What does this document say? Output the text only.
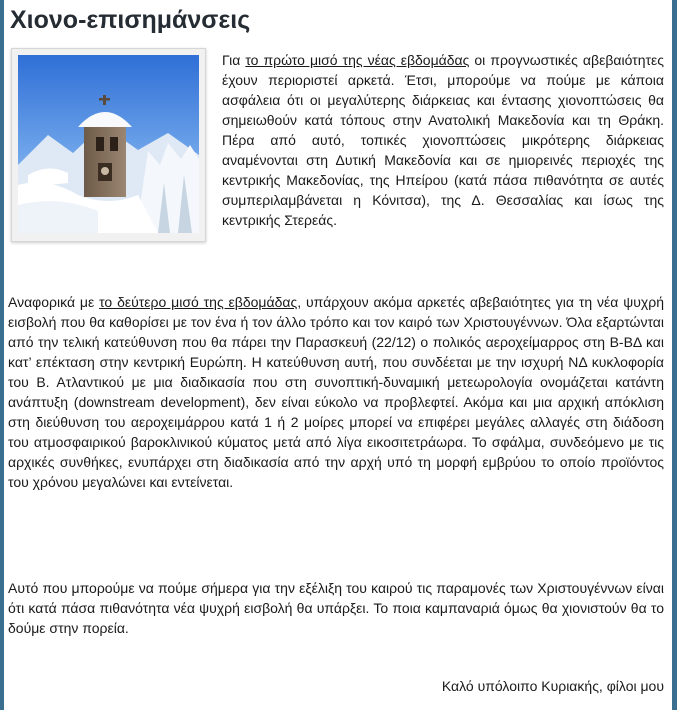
Χιονο-επισημάνσεις

Για το πρώτο μισό της νέας εβδομάδας οι προγνωστικές αβεβαιότητες έχουν περιοριστεί αρκετά. Έτσι, μπορούμε να πούμε με κάποια ασφάλεια ότι οι μεγαλύτερης διάρκειας και έντασης χιονοπτώσεις θα σημειωθούν κατά τόπους στην Ανατολική Μακεδονία και τη Θράκη. Πέρα από αυτό, τοπικές χιονοπτώσεις μικρότερης διάρκειας αναμένονται στη Δυτική Μακεδονία και σε ημιορεινές περιοχές της κεντρικής Μακεδονίας, της Ηπείρου (κατά πάσα πιθανότητα σε αυτές συμπεριλαμβάνεται η Κόνιτσα), της Δ. Θεσσαλίας και ίσως της κεντρικής Στερεάς.

Αναφορικά με το δεύτερο μισό της εβδομάδας, υπάρχουν ακόμα αρκετές αβεβαιότητες για τη νέα ψυχρή εισβολή που θα καθορίσει με τον ένα ή τον άλλο τρόπο και τον καιρό των Χριστουγέννων. Όλα εξαρτώνται από την τελική κατεύθυνση που θα πάρει την Παρασκευή (22/12) ο πολικός αεροχείμαρρος στη Β-ΒΔ και κατ’ επέκταση στην κεντρική Ευρώπη. Η κατεύθυνση αυτή, που συνδέεται με την ισχυρή ΝΔ κυκλοφορία του Β. Ατλαντικού με μια διαδικασία που στη συνοπτική-δυναμική μετεωρολογία ονομάζεται κατάντη ανάπτυξη (downstream development), δεν είναι εύκολο να προβλεφτεί. Ακόμα και μια αρχική απόκλιση στη διεύθυνση του αεροχειμάρρου κατά 1 ή 2 μοίρες μπορεί να επιφέρει μεγάλες αλλαγές στη διάδοση του ατμοσφαιρικού βαροκλινικού κύματος μετά από λίγα εικοσιτετράωρα. Το σφάλμα, συνδεόμενο με τις αρχικές συνθήκες, ενυπάρχει στη διαδικασία από την αρχή υπό τη μορφή εμβρύου το οποίο προϊόντος του χρόνου μεγαλώνει και εντείνεται.

Αυτό που μπορούμε να πούμε σήμερα για την εξέλιξη του καιρού τις παραμονές των Χριστουγέννων είναι ότι κατά πάσα πιθανότητα νέα ψυχρή εισβολή θα υπάρξει. Το ποια καμπαναριά όμως θα χιονιστούν θα το δούμε στην πορεία.

Καλό υπόλοιπο Κυριακής, φίλοι μου
